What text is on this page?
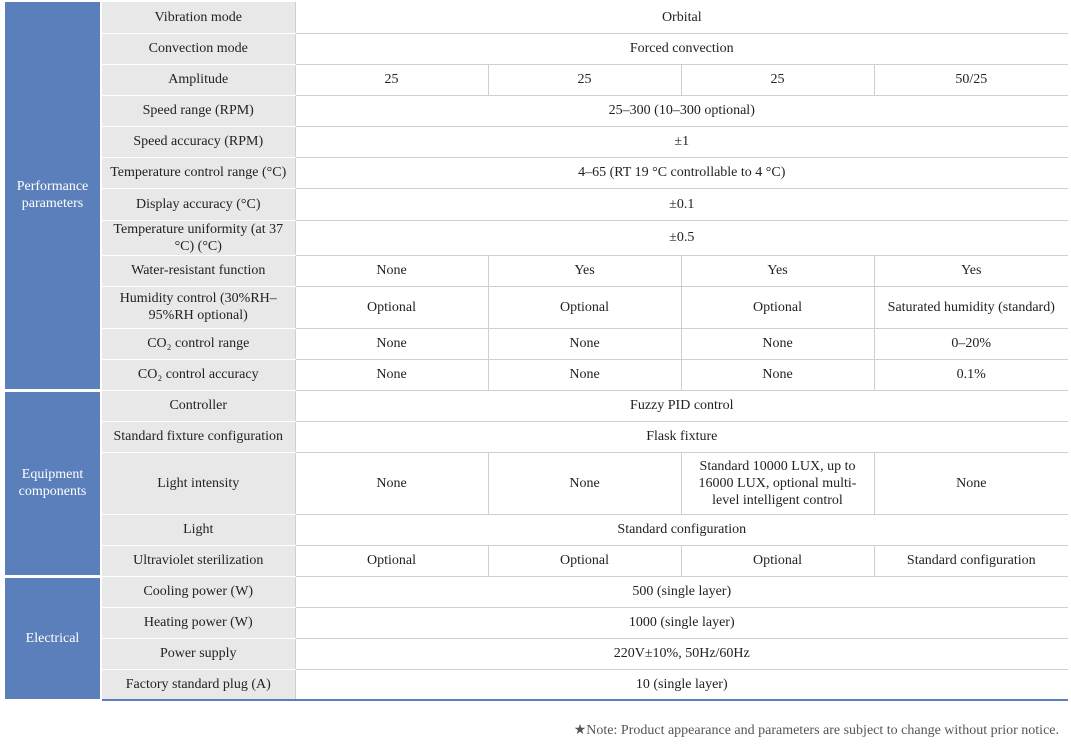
Performance parameters	Vibration mode	Orbital			
	Convection mode	Forced convection			
	Amplitude	25	25	25	50/25
	Speed range (RPM)	25–300 (10–300 optional)			
	Speed accuracy (RPM)	±1			
	Temperature control range (°C)	4–65 (RT 19 °C controllable to 4 °C)			
	Display accuracy (°C)	±0.1			
	Temperature uniformity (at 37 °C) (°C)	±0.5			
	Water-resistant function	None	Yes	Yes	Yes
	Humidity control (30%RH–95%RH optional)	Optional	Optional	Optional	Saturated humidity (standard)
	CO₂ control range	None	None	None	0–20%
	CO₂ control accuracy	None	None	None	0.1%
Equipment components	Controller	Fuzzy PID control			
	Standard fixture configuration	Flask fixture			
	Light intensity	None	None	Standard 10000 LUX, up to 16000 LUX, optional multi-level intelligent control	None
	Light	Standard configuration			
	Ultraviolet sterilization	Optional	Optional	Optional	Standard configuration
Electrical	Cooling power (W)	500 (single layer)			
	Heating power (W)	1000 (single layer)			
	Power supply	220V±10%, 50Hz/60Hz			
	Factory standard plug (A)	10 (single layer)			
★Note: Product appearance and parameters are subject to change without prior notice.
